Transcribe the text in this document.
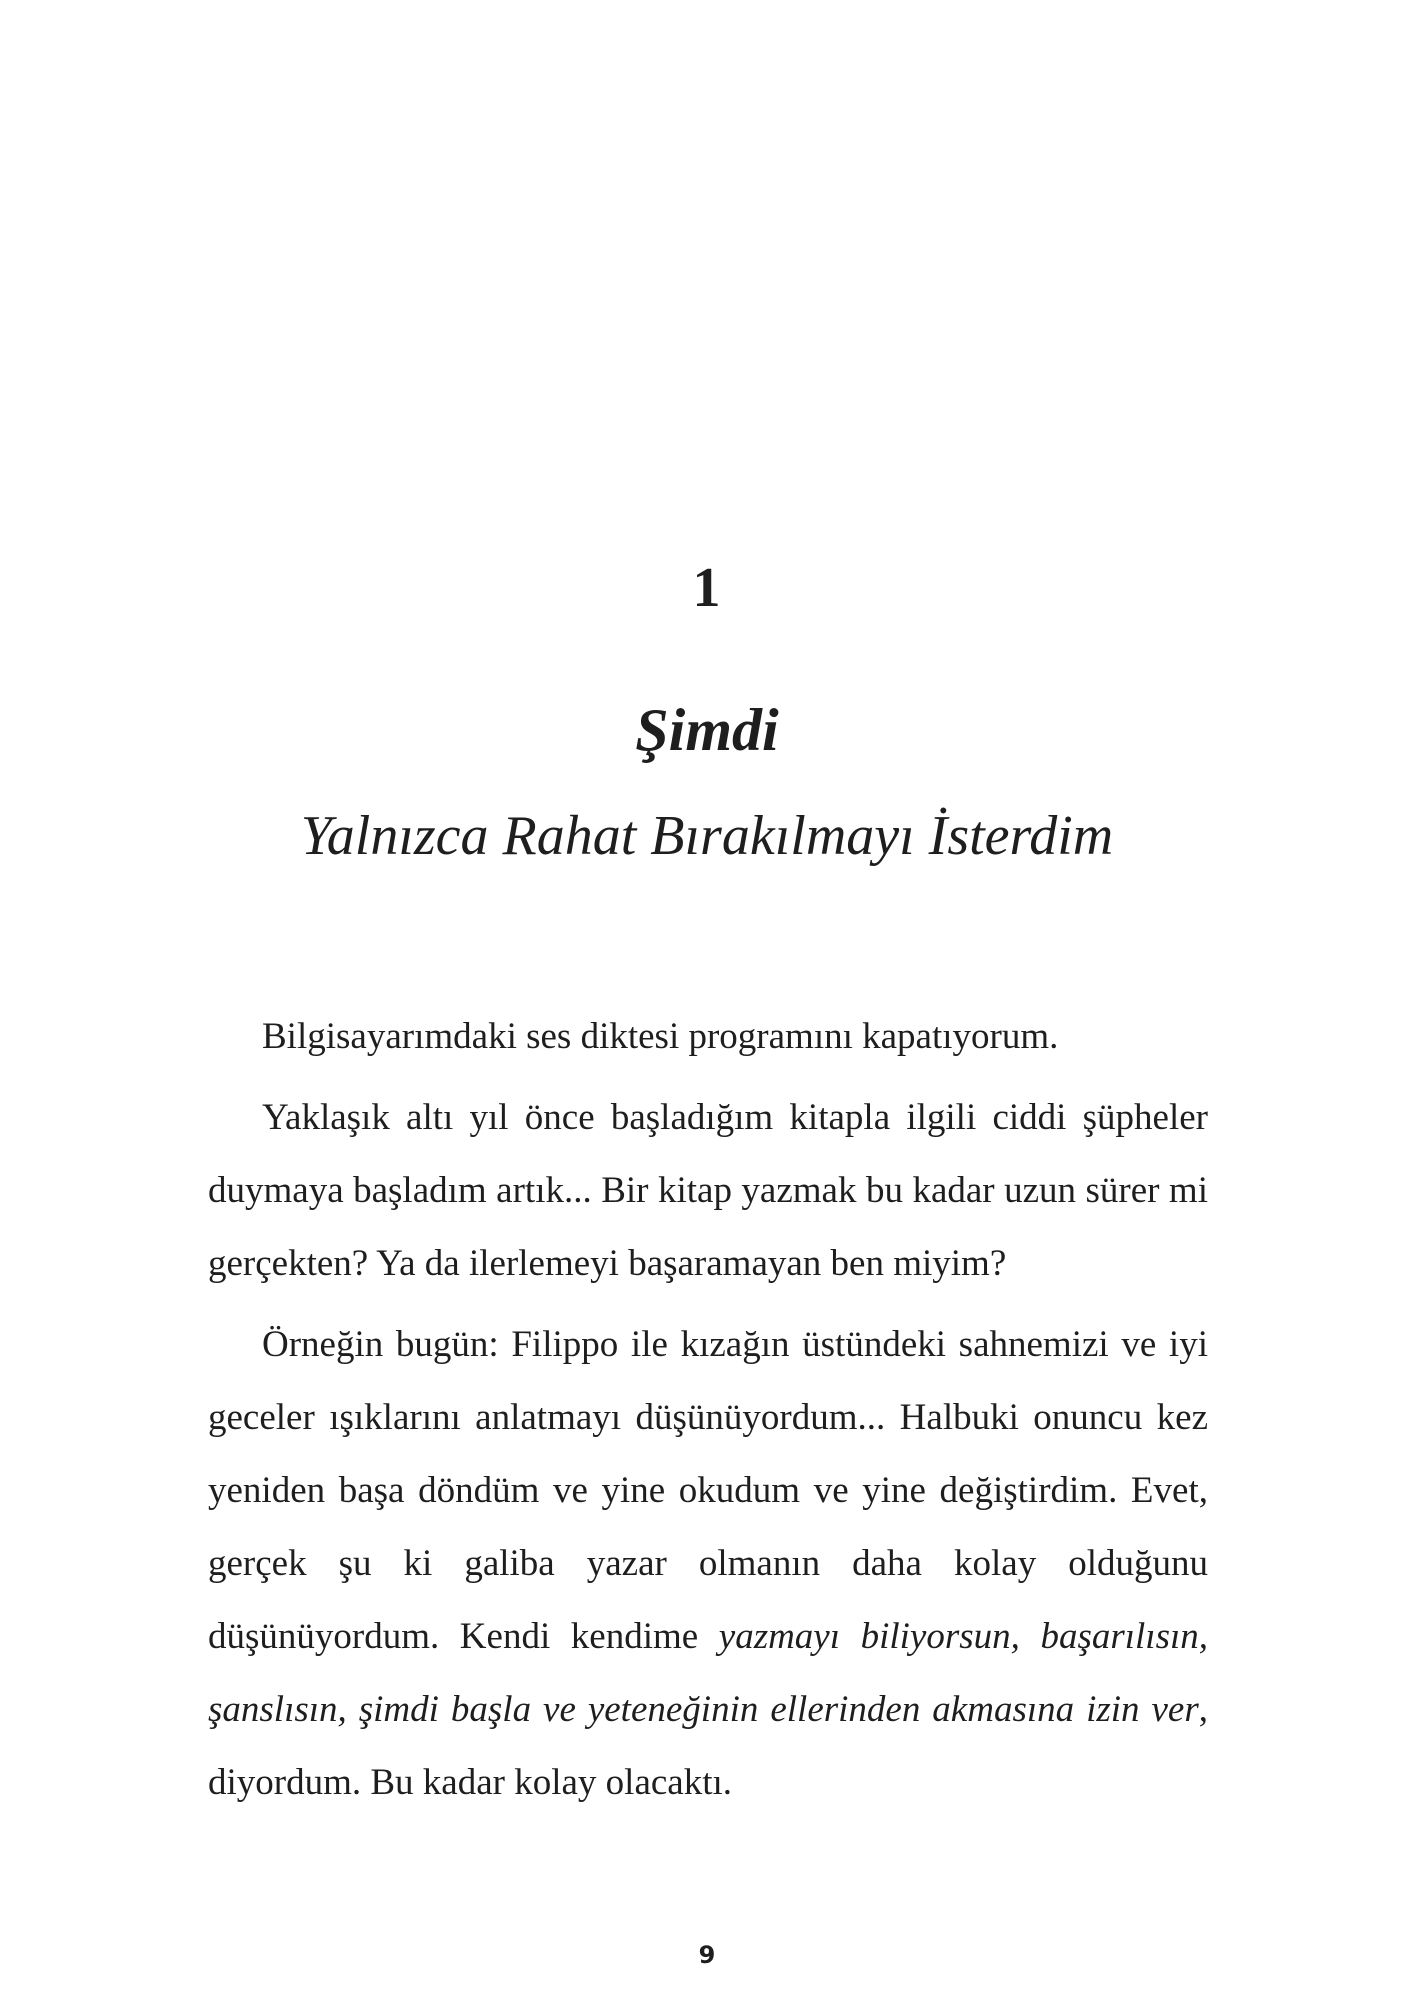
1
Şimdi
Yalnızca Rahat Bırakılmayı İsterdim

Bilgisayarımdaki ses diktesi programını kapatıyorum.

Yaklaşık altı yıl önce başladığım kitapla ilgili ciddi şüpheler duymaya başladım artık... Bir kitap yazmak bu kadar uzun sürer mi gerçekten? Ya da ilerlemeyi başaramayan ben miyim?

Örneğin bugün: Filippo ile kızağın üstündeki sahnemizi ve iyi geceler ışıklarını anlatmayı düşünüyordum... Halbuki onuncu kez yeniden başa döndüm ve yine okudum ve yine değiştirdim. Evet, gerçek şu ki galiba yazar olmanın daha kolay olduğunu düşünüyordum. Kendi kendime yazmayı biliyorsun, başarılısın, şanslısın, şimdi başla ve yeteneğinin ellerinden akmasına izin ver, diyordum. Bu kadar kolay olacaktı.

9
